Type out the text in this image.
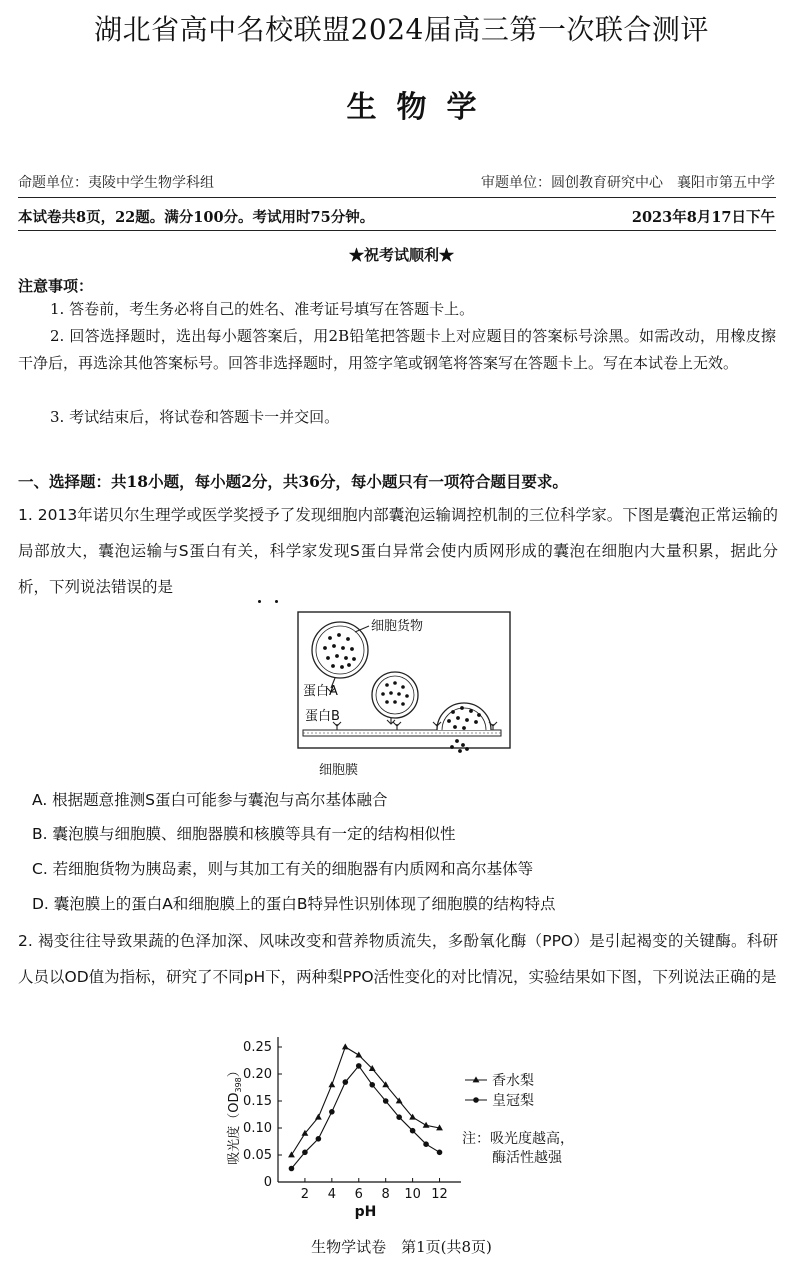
湖北省高中名校联盟2024届高三第一次联合测评
生物学
命题单位：夷陵中学生物学科组	审题单位：圆创教育研究中心　襄阳市第五中学
本试卷共8页，22题。满分100分。考试用时75分钟。	2023年8月17日下午
★祝考试顺利★
注意事项：
1. 答卷前，考生务必将自己的姓名、准考证号填写在答题卡上。
2. 回答选择题时，选出每小题答案后，用2B铅笔把答题卡上对应题目的答案标号涂黑。如需改动，用橡皮擦干净后，再选涂其他答案标号。回答非选择题时，用签字笔或钢笔将答案写在答题卡上。写在本试卷上无效。
3. 考试结束后，将试卷和答题卡一并交回。
一、选择题：共18小题，每小题2分，共36分，每小题只有一项符合题目要求。
1. 2013年诺贝尔生理学或医学奖授予了发现细胞内部囊泡运输调控机制的三位科学家。下图是囊泡正常运输的局部放大，囊泡运输与S蛋白有关，科学家发现S蛋白异常会使内质网形成的囊泡在细胞内大量积累，据此分析，下列说法错误的是
细胞货物
蛋白A
蛋白B
细胞膜
A. 根据题意推测S蛋白可能参与囊泡与高尔基体融合
B. 囊泡膜与细胞膜、细胞器膜和核膜等具有一定的结构相似性
C. 若细胞货物为胰岛素，则与其加工有关的细胞器有内质网和高尔基体等
D. 囊泡膜上的蛋白A和细胞膜上的蛋白B特异性识别体现了细胞膜的结构特点
2. 褐变往往导致果蔬的色泽加深、风味改变和营养物质流失，多酚氧化酶（PPO）是引起褐变的关键酶。科研人员以OD值为指标，研究了不同pH下，两种梨PPO活性变化的对比情况，实验结果如下图，下列说法正确的是
2 4 6 8 10 12
0
0.05
0.10
0.15
0.20
0.25
pH
吸光度$(OD_{398})$
香水梨
皇冠梨
注：吸光度越高，
酶活性越强
生物学试卷　第1页(共8页)
